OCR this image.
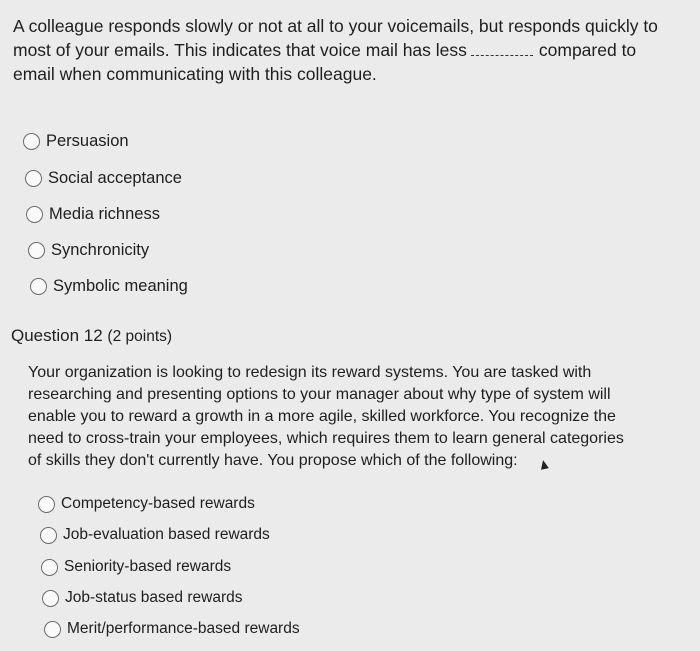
A colleague responds slowly or not at all to your voicemails, but responds quickly to most of your emails. This indicates that voice mail has less	compared to email when communicating with this colleague.
Persuasion
Social acceptance
Media richness
Synchronicity
Symbolic meaning
Question 12 (2 points)
Your organization is looking to redesign its reward systems. You are tasked with researching and presenting options to your manager about why type of system will enable you to reward a growth in a more agile, skilled workforce. You recognize the need to cross-train your employees, which requires them to learn general categories of skills they don't currently have. You propose which of the following:
Competency-based rewards
Job-evaluation based rewards
Seniority-based rewards
Job-status based rewards
Merit/performance-based rewards
